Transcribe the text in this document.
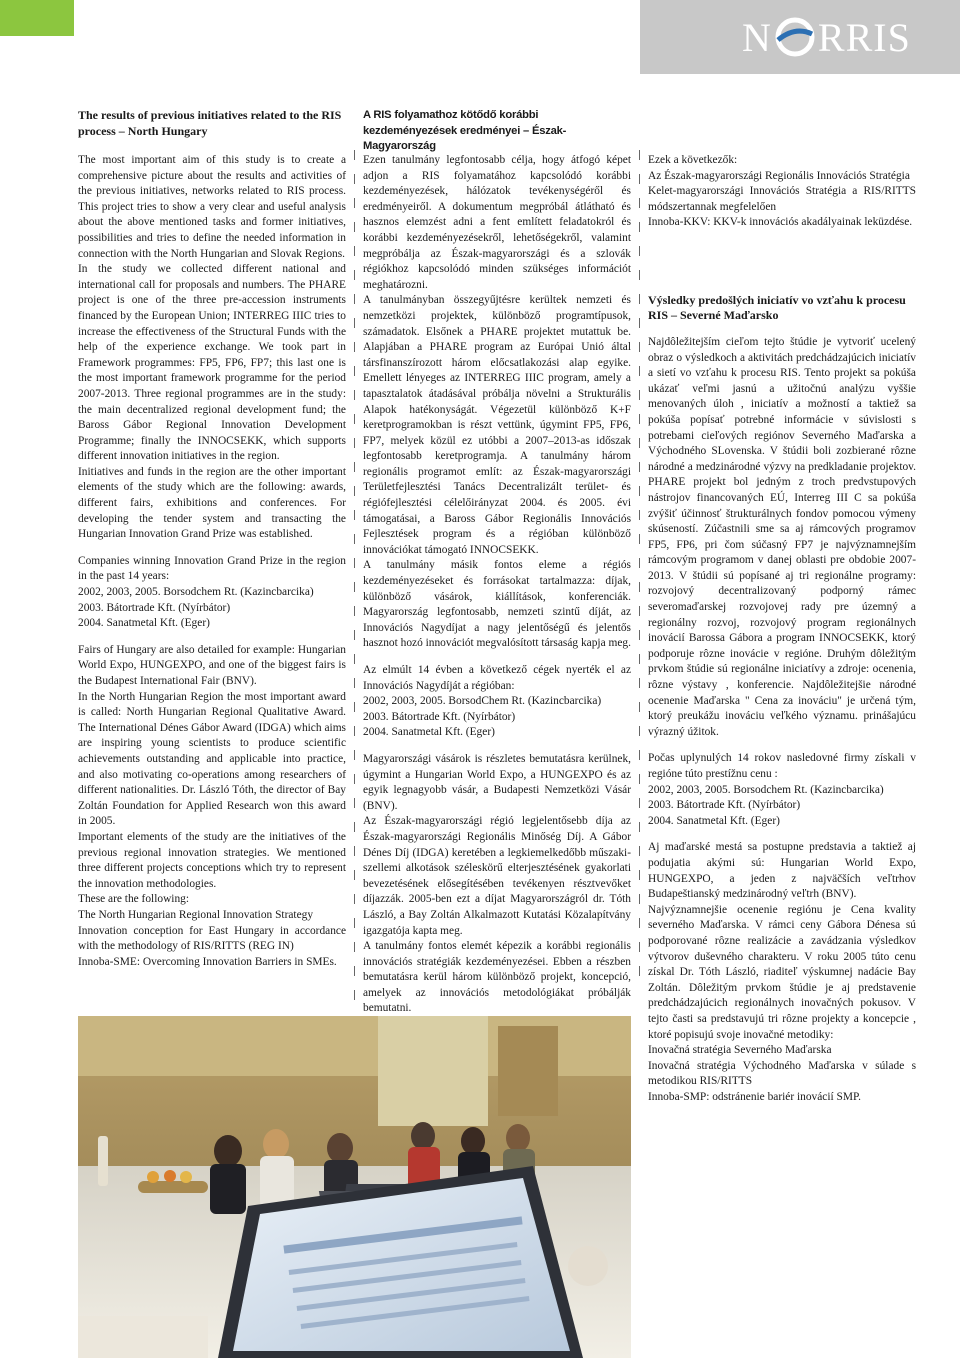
N RRIS
The results of previous initiatives related to the RIS process – North Hungary
A RIS folyamathoz kötődő korábbi kezdeményezések eredményei – Észak-Magyarország

The most important aim of this study is to create a comprehensive picture about the results and activities of the previous initiatives, networks related to RIS process. This project tries to show a very clear and useful analysis about the above mentioned tasks and former initiatives, possibilities and tries to define the needed information in connection with the North Hungarian and Slovak Regions.

In the study we collected different national and international call for proposals and numbers. The PHARE project is one of the three pre-accession instruments financed by the European Union; INTERREG IIIC tries to increase the effectiveness of the Structural Funds with the help of the experience exchange. We took part in Framework programmes: FP5, FP6, FP7; this last one is the most important framework programme for the period 2007-2013. Three regional programmes are in the study: the main decentralized regional development fund; the Baross Gábor Regional Innovation Development Programme; finally the INNOCSEKK, which supports different innovation initiatives in the region.

Initiatives and funds in the region are the other important elements of the study which are the following: awards, different fairs, exhibitions and conferences. For developing the tender system and transacting the Hungarian Innovation Grand Prize was established.

Companies winning Innovation Grand Prize in the region in the past 14 years:

2002, 2003, 2005. Borsodchem Rt. (Kazincbarcika)

2003. Bátortrade Kft. (Nyírbátor)

2004. Sanatmetal Kft. (Eger)

Fairs of Hungary are also detailed for example: Hungarian World Expo, HUNGEXPO, and one of the biggest fairs is the Budapest International Fair (BNV).

In the North Hungarian Region the most important award is called: North Hungarian Regional Qualitative Award. The International Dénes Gábor Award (IDGA) which aims are inspiring young scientists to produce scientific achievements outstanding and applicable into practice, and also motivating co-operations among researchers of different nationalities. Dr. László Tóth, the director of Bay Zoltán Foundation for Applied Research won this award in 2005.

Important elements of the study are the initiatives of the previous regional innovation strategies. We mentioned three different projects conceptions which try to represent the innovation methodologies.

These are the following:

The North Hungarian Regional Innovation Strategy

Innovation conception for East Hungary in accordance with the methodology of RIS/RITTS (REG IN)

Innoba-SME: Overcoming Innovation Barriers in SMEs.

Ezen tanulmány legfontosabb célja, hogy átfogó képet adjon a RIS folyamatához kapcsolódó korábbi kezdeményezések, hálózatok tevékenységéről és eredményeiről. A dokumentum megpróbál átlátható és hasznos elemzést adni a fent említett feladatokról és korábbi kezdeményezésekről, lehetőségekről, valamint megpróbálja az Észak-magyarországi és a szlovák régiókhoz kapcsolódó minden szükséges információt meghatározni.

A tanulmányban összegyűjtésre kerültek nemzeti és nemzetközi projektek, különböző programtípusok, számadatok. Elsőnek a PHARE projektet mutattuk be. Alapjában a PHARE program az Európai Unió által társfinanszírozott három előcsatlakozási alap egyike. Emellett lényeges az INTERREG IIIC program, amely a tapasztalatok átadásával próbálja növelni a Strukturális Alapok hatékonyságát. Végezetül különböző K+F keretprogramokban is részt vettünk, úgymint FP5, FP6, FP7, melyek közül ez utóbbi a 2007–2013-as időszak legfontosabb keretprogramja. A tanulmány három regionális programot említ: az Észak-magyarországi Területfejlesztési Tanács Decentralizált terület- és régiófejlesztési célelőirányzat 2004. és 2005. évi támogatásai, a Baross Gábor Regionális Innovációs Fejlesztések program és a régióban különböző innovációkat támogató INNOCSEKK.

A tanulmány másik fontos eleme a régiós kezdeményezéseket és forrásokat tartalmazza: díjak, különböző vásárok, kiállítások, konferenciák. Magyarország legfontosabb, nemzeti szintű díját, az Innovációs Nagydíjat a nagy jelentőségű és jelentős hasznot hozó innovációt megvalósított társaság kapja meg.

Az elmúlt 14 évben a következő cégek nyerték el az Innovációs Nagydíját a régióban:

2002, 2003, 2005. BorsodChem Rt. (Kazincbarcika)

2003. Bátortrade Kft. (Nyírbátor)

2004. Sanatmetal Kft. (Eger)

Magyarországi vásárok is részletes bemutatásra kerülnek, úgymint a Hungarian World Expo, a HUNGEXPO és az egyik legnagyobb vásár, a Budapesti Nemzetközi Vásár (BNV).

Az Észak-magyarországi régió legjelentősebb díja az Észak-magyarországi Regionális Minőség Díj. A Gábor Dénes Díj (IDGA) keretében a legkiemelkedőbb műszaki-szellemi alkotások széleskörű elterjesztésének gyakorlati bevezetésének elősegítésében tevékenyen résztvevőket díjazzák. 2005-ben ezt a díjat Magyarországról dr. Tóth László, a Bay Zoltán Alkalmazott Kutatási Közalapítvány igazgatója kapta meg.

A tanulmány fontos elemét képezik a korábbi regionális innovációs stratégiák kezdeményezései. Ebben a részben bemutatásra kerül három különböző projekt, koncepció, amelyek az innovációs metodológiákat próbálják bemutatni.

Ezek a következők:

Az Észak-magyarországi Regionális Innovációs Stratégia

Kelet-magyarországi Innovációs Stratégia a RIS/RITTS módszertannak megfelelően

Innoba-KKV: KKV-k innovációs akadályainak leküzdése.

Výsledky predošlých iniciatív vo vzťahu k procesu RIS – Severné Maďarsko

Najdôležitejším cieľom tejto štúdie je vytvoriť ucelený obraz o výsledkoch a aktivitách predchádzajúcich iniciatív a sietí vo vzťahu k procesu RIS. Tento projekt sa pokúša ukázať veľmi jasnú a užitočnú analýzu vyššie menovaných úloh , iniciatív a možností a taktiež sa pokúša popísať potrebné informácie v súvislosti s potrebami cieľových regiónov Severného Maďarska a Východného SLovenska. V štúdii boli zozbierané rôzne národné a medzinárodné výzvy na predkladanie projektov. PHARE projekt bol jedným z troch predvstupových nástrojov financovaných EÚ, Interreg III C sa pokúša zvýšiť účinnosť štrukturálnych fondov pomocou výmeny skúseností. Zúčastnili sme sa aj rámcových programov FP5, FP6, pri čom súčasný FP7 je najvýznamnejším rámcovým programom v danej oblasti pre obdobie 2007-2013. V štúdii sú popísané aj tri regionálne programy: rozvojový decentralizovaný podporný rámec severomaďarskej rozvojovej rady pre územný a regionálny rozvoj, rozvojový program regionálnych inovácií Barossa Gábora a program INNOCSEKK, ktorý podporuje rôzne inovácie v regióne. Druhým dôležitým prvkom štúdie sú regionálne iniciatívy a zdroje: ocenenia, rôzne výstavy , konferencie. Najdôležitejšie národné ocenenie Maďarska " Cena za inováciu" je určená tým, ktorý preukážu inováciu veľkého významu. prinášajúcu výrazný úžitok.

Počas uplynulých 14 rokov nasledovné firmy získali v regióne túto prestížnu cenu :

2002, 2003, 2005. Borsodchem Rt. (Kazincbarcika)

2003. Bátortrade Kft. (Nyírbátor)

2004. Sanatmetal Kft. (Eger)

Aj maďarské mestá sa postupne predstavia a taktiež aj podujatia akými sú: Hungarian World Expo, HUNGEXPO, a jeden z najväčších veľtrhov Budapeštianský medzinárodný veľtrh (BNV).

Najvýznamnejšie ocenenie regiónu je Cena kvality severného Maďarska. V rámci ceny Gábora Dénesa sú podporované rôzne realizácie a zavádzania výsledkov výtvorov duševného charakteru. V roku 2005 túto cenu získal Dr. Tóth László, riaditeľ výskumnej nadácie Bay Zoltán. Dôležitým prvkom štúdie je aj predstavenie predchádzajúcich regionálnych inovačných pokusov. V tejto časti sa predstavujú tri rôzne projekty a koncepcie , ktoré popisujú svoje inovačné metodiky:

Inovačná stratégia Severného Maďarska

Inovačná stratégia Východného Maďarska v súlade s metodikou RIS/RITTS

Innoba-SMP: odstránenie bariér inovácií SMP.
